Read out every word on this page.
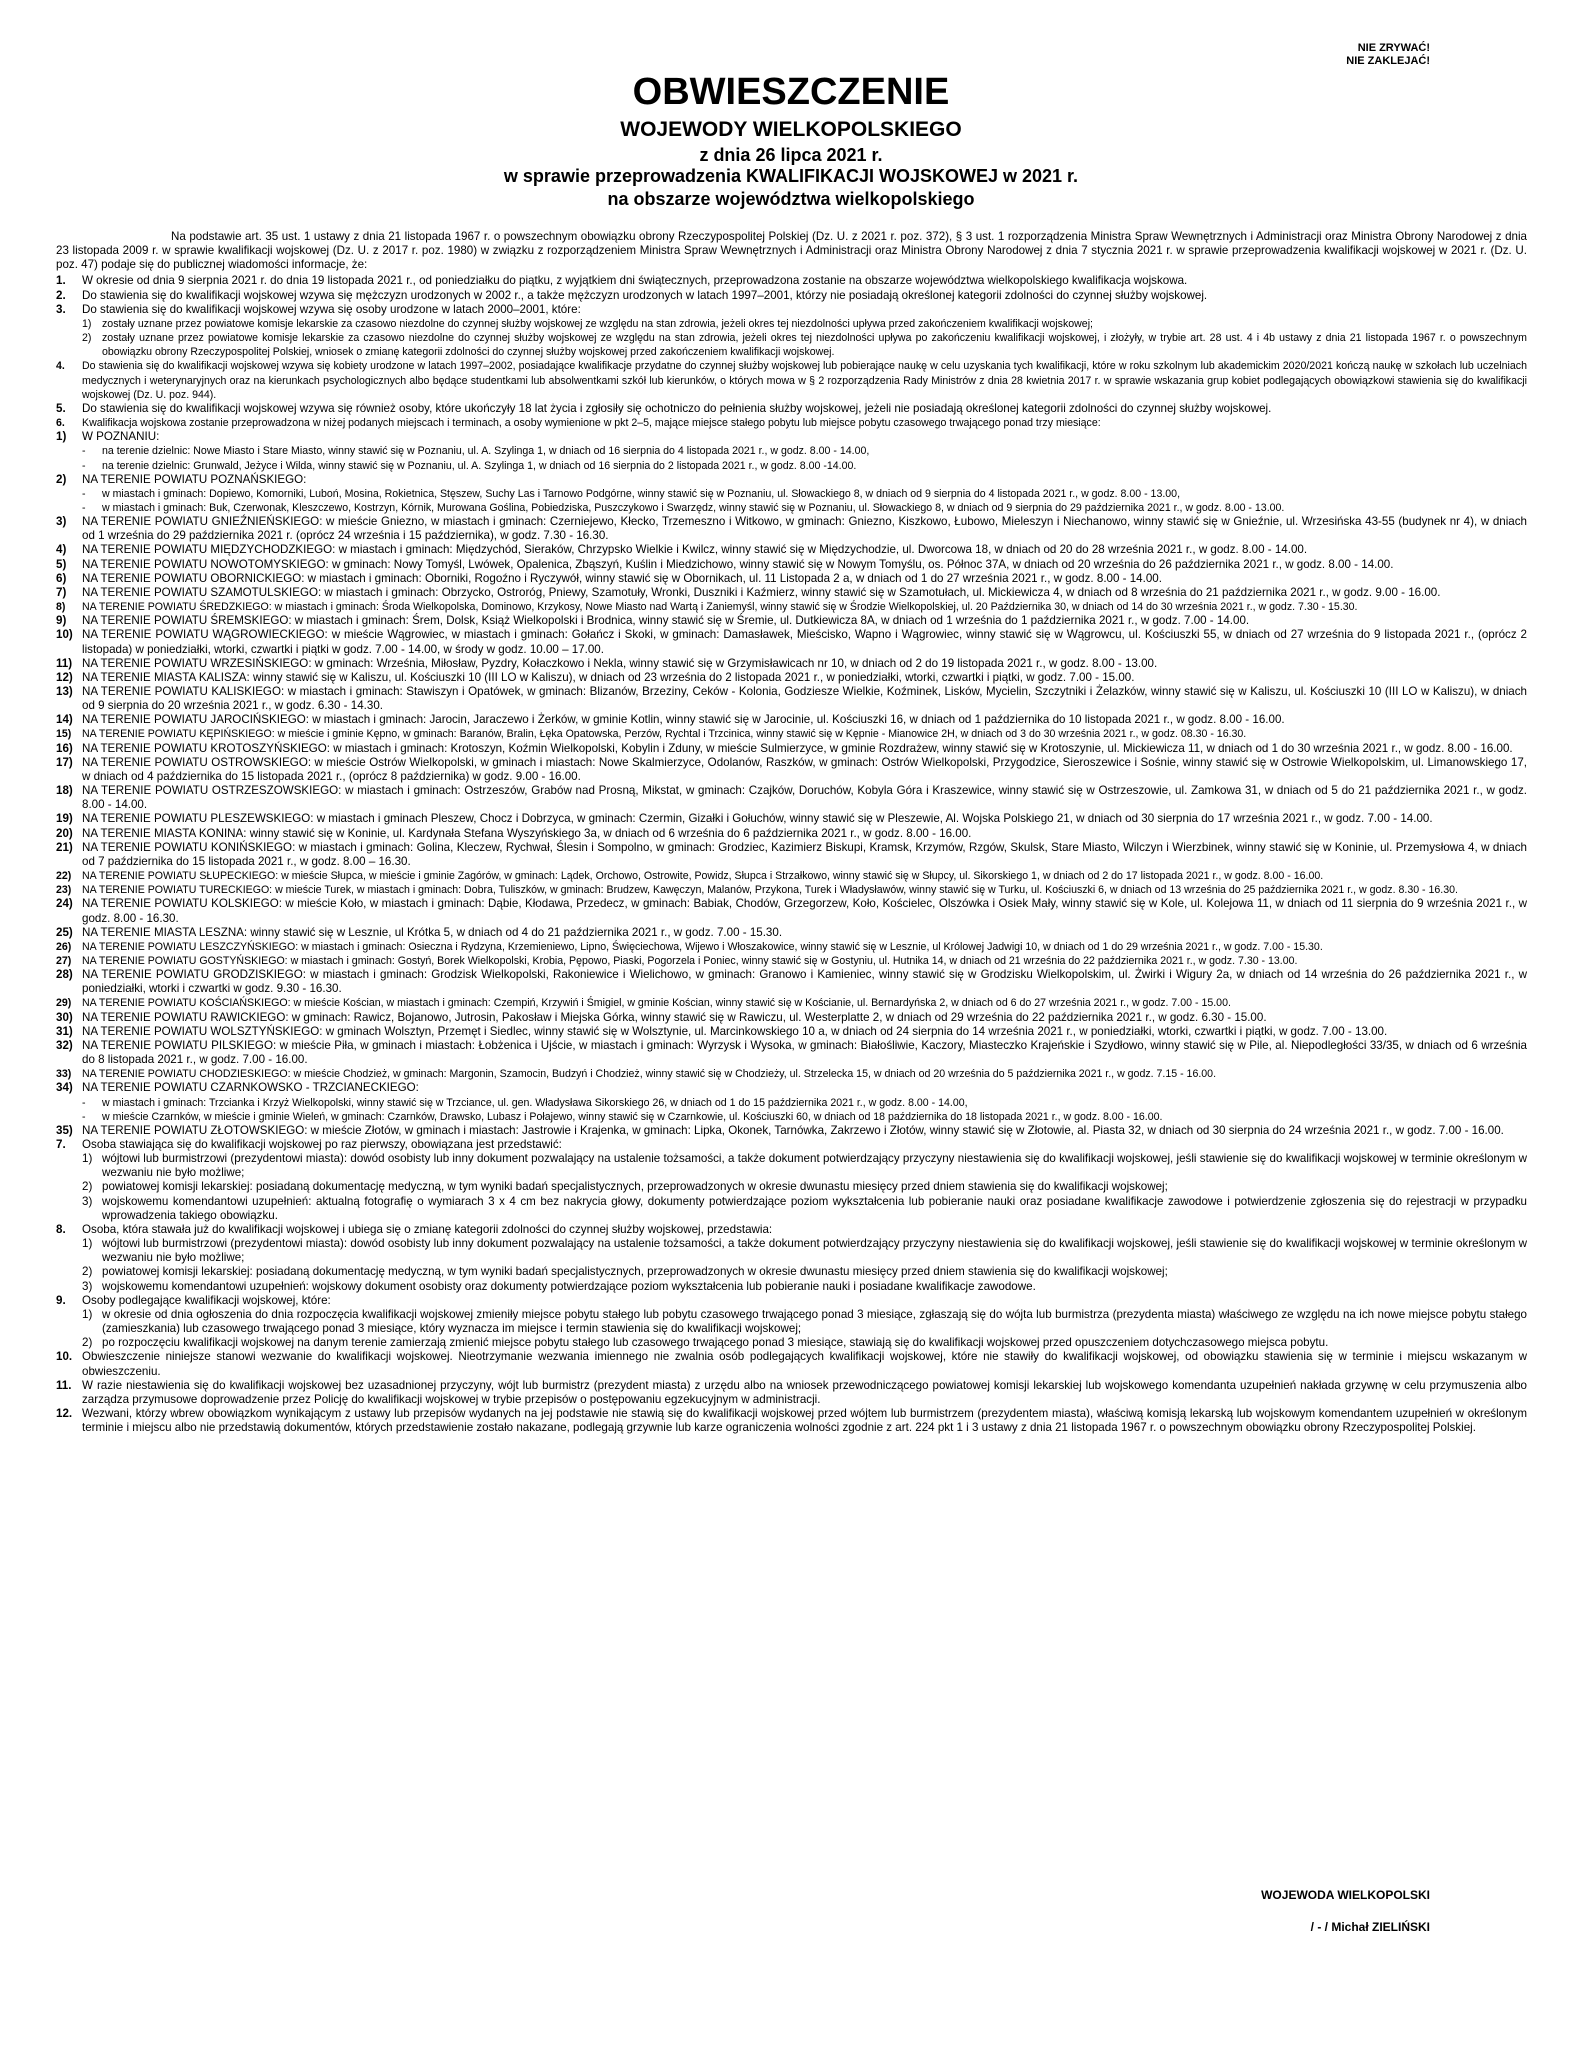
NIE ZRYWAĆ!
NIE ZAKLEJAĆ!
OBWIESZCZENIE
WOJEWODY WIELKOPOLSKIEGO
z dnia 26 lipca 2021 r.
w sprawie przeprowadzenia KWALIFIKACJI WOJSKOWEJ w 2021 r.
na obszarze województwa wielkopolskiego

Na podstawie art. 35 ust. 1 ustawy z dnia 21 listopada 1967 r. o powszechnym obowiązku obrony Rzeczypospolitej Polskiej (Dz. U. z 2021 r. poz. 372), § 3 ust. 1 rozporządzenia Ministra Spraw Wewnętrznych i Administracji oraz Ministra Obrony Narodowej z dnia 23 listopada 2009 r. w sprawie kwalifikacji wojskowej (Dz. U. z 2017 r. poz. 1980) w związku z rozporządzeniem Ministra Spraw Wewnętrznych i Administracji oraz Ministra Obrony Narodowej z dnia 7 stycznia 2021 r. w sprawie przeprowadzenia kwalifikacji wojskowej w 2021 r. (Dz. U. poz. 47) podaje się do publicznej wiadomości informacje, że:

1.	W okresie od dnia 9 sierpnia 2021 r. do dnia 19 listopada 2021 r., od poniedziałku do piątku, z wyjątkiem dni świątecznych, przeprowadzona zostanie na obszarze województwa wielkopolskiego kwalifikacja wojskowa.
2.	Do stawienia się do kwalifikacji wojskowej wzywa się mężczyzn urodzonych w 2002 r., a także mężczyzn urodzonych w latach 1997–2001, którzy nie posiadają określonej kategorii zdolności do czynnej służby wojskowej.
3.	Do stawienia się do kwalifikacji wojskowej wzywa się osoby urodzone w latach 2000–2001, które:
1) zostały uznane przez powiatowe komisje lekarskie za czasowo niezdolne do czynnej służby wojskowej ze względu na stan zdrowia, jeżeli okres tej niezdolności upływa przed zakończeniem kwalifikacji wojskowej;
2) zostały uznane przez powiatowe komisje lekarskie za czasowo niezdolne do czynnej służby wojskowej ze względu na stan zdrowia, jeżeli okres tej niezdolności upływa po zakończeniu kwalifikacji wojskowej, i złożyły, w trybie art. 28 ust. 4 i 4b ustawy z dnia 21 listopada 1967 r. o powszechnym obowiązku obrony Rzeczypospolitej Polskiej, wniosek o zmianę kategorii zdolności do czynnej służby wojskowej przed zakończeniem kwalifikacji wojskowej.
4.	Do stawienia się do kwalifikacji wojskowej wzywa się kobiety urodzone w latach 1997–2002, posiadające kwalifikacje przydatne do czynnej służby wojskowej lub pobierające naukę w celu uzyskania tych kwalifikacji, które w roku szkolnym lub akademickim 2020/2021 kończą naukę w szkołach lub uczelniach medycznych i weterynaryjnych oraz na kierunkach psychologicznych albo będące studentkami lub absolwentkami szkół lub kierunków, o których mowa w § 2 rozporządzenia Rady Ministrów z dnia 28 kwietnia 2017 r. w sprawie wskazania grup kobiet podlegających obowiązkowi stawienia się do kwalifikacji wojskowej (Dz. U. poz. 944).
5.	Do stawienia się do kwalifikacji wojskowej wzywa się również osoby, które ukończyły 18 lat życia i zgłosiły się ochotniczo do pełnienia służby wojskowej, jeżeli nie posiadają określonej kategorii zdolności do czynnej służby wojskowej.
6.	Kwalifikacja wojskowa zostanie przeprowadzona w niżej podanych miejscach i terminach, a osoby wymienione w pkt 2–5, mające miejsce stałego pobytu lub miejsce pobytu czasowego trwającego ponad trzy miesiące:
1)	W POZNANIU:
-	na terenie dzielnic: Nowe Miasto i Stare Miasto, winny stawić się w Poznaniu, ul. A. Szylinga 1, w dniach od 16 sierpnia do 4 listopada 2021 r., w godz. 8.00 - 14.00,
-	na terenie dzielnic: Grunwald, Jeżyce i Wilda, winny stawić się w Poznaniu, ul. A. Szylinga 1, w dniach od 16 sierpnia do 2 listopada 2021 r., w godz. 8.00 -14.00.
2)	NA TERENIE POWIATU POZNAŃSKIEGO:
-	w miastach i gminach: Dopiewo, Komorniki, Luboń, Mosina, Rokietnica, Stęszew, Suchy Las i Tarnowo Podgórne, winny stawić się w Poznaniu, ul. Słowackiego 8, w dniach od 9 sierpnia do 4 listopada 2021 r., w godz. 8.00 - 13.00,
-	w miastach i gminach: Buk, Czerwonak, Kleszczewo, Kostrzyn, Kórnik, Murowana Goślina, Pobiedziska, Puszczykowo i Swarzędz, winny stawić się w Poznaniu, ul. Słowackiego 8, w dniach od 9 sierpnia do 29 października 2021 r., w godz. 8.00 - 13.00.
3)	NA TERENIE POWIATU GNIEŹNIEŃSKIEGO: w mieście Gniezno, w miastach i gminach: Czerniejewo, Kłecko, Trzemeszno i Witkowo, w gminach: Gniezno, Kiszkowo, Łubowo, Mieleszyn i Niechanowo, winny stawić się w Gnieźnie, ul. Wrzesińska 43-55 (budynek nr 4), w dniach od 1 września do 29 października 2021 r. (oprócz 24 września i 15 października), w godz. 7.30 - 16.30.
4)	NA TERENIE POWIATU MIĘDZYCHODZKIEGO: w miastach i gminach: Międzychód, Sieraków, Chrzypsko Wielkie i Kwilcz, winny stawić się w Międzychodzie, ul. Dworcowa 18, w dniach od 20 do 28 września 2021 r., w godz. 8.00 - 14.00.
5)	NA TERENIE POWIATU NOWOTOMYSKIEGO: w gminach: Nowy Tomyśl, Lwówek, Opalenica, Zbąszyń, Kuślin i Miedzichowo, winny stawić się w Nowym Tomyślu, os. Północ 37A, w dniach od 20 września do 26 października 2021 r., w godz. 8.00 - 14.00.
6)	NA TERENIE POWIATU OBORNICKIEGO: w miastach i gminach: Oborniki, Rogoźno i Ryczywół, winny stawić się w Obornikach, ul. 11 Listopada 2 a, w dniach od 1 do 27 września 2021 r., w godz. 8.00 - 14.00.
7)	NA TERENIE POWIATU SZAMOTULSKIEGO: w miastach i gminach: Obrzycko, Ostroróg, Pniewy, Szamotuły, Wronki, Duszniki i Kaźmierz, winny stawić się w Szamotułach, ul. Mickiewicza 4, w dniach od 8 września do 21 października 2021 r., w godz. 9.00 - 16.00.
8)	NA TERENIE POWIATU ŚREDZKIEGO: w miastach i gminach: Środa Wielkopolska, Dominowo, Krzykosy, Nowe Miasto nad Wartą i Zaniemyśl, winny stawić się w Środzie Wielkopolskiej, ul. 20 Października 30, w dniach od 14 do 30 września 2021 r., w godz. 7.30 - 15.30.
9)	NA TERENIE POWIATU ŚREMSKIEGO: w miastach i gminach: Śrem, Dolsk, Książ Wielkopolski i Brodnica, winny stawić się w Śremie, ul. Dutkiewicza 8A, w dniach od 1 września do 1 października 2021 r., w godz. 7.00 - 14.00.
10) NA TERENIE POWIATU WĄGROWIECKIEGO: w mieście Wągrowiec, w miastach i gminach: Gołańcz i Skoki, w gminach: Damasławek, Mieścisko, Wapno i Wągrowiec, winny stawić się w Wągrowcu, ul. Kościuszki 55, w dniach od 27 września do 9 listopada 2021 r., (oprócz 2 listopada) w poniedziałki, wtorki, czwartki i piątki w godz. 7.00 - 14.00, w środy w godz. 10.00 – 17.00.
11) NA TERENIE POWIATU WRZESIŃSKIEGO: w gminach: Września, Miłosław, Pyzdry, Kołaczkowo i Nekla, winny stawić się w Grzymisławicach nr 10, w dniach od 2 do 19 listopada 2021 r., w godz. 8.00 - 13.00.
12) NA TERENIE MIASTA KALISZA: winny stawić się w Kaliszu, ul. Kościuszki 10 (III LO w Kaliszu), w dniach od 23 września do 2 listopada 2021 r., w poniedziałki, wtorki, czwartki i piątki, w godz. 7.00 - 15.00.
13) NA TERENIE POWIATU KALISKIEGO: w miastach i gminach: Stawiszyn i Opatówek, w gminach: Blizanów, Brzeziny, Ceków - Kolonia, Godziesze Wielkie, Koźminek, Lisków, Mycielin, Szczytniki i Żelazków, winny stawić się w Kaliszu, ul. Kościuszki 10 (III LO w Kaliszu), w dniach od 9 sierpnia do 20 września 2021 r., w godz. 6.30 - 14.30.
14) NA TERENIE POWIATU JAROCIŃSKIEGO: w miastach i gminach: Jarocin, Jaraczewo i Żerków, w gminie Kotlin, winny stawić się w Jarocinie, ul. Kościuszki 16, w dniach od 1 października do 10 listopada 2021 r., w godz. 8.00 - 16.00.
15)	NA TERENIE POWIATU KĘPIŃSKIEGO: w mieście i gminie Kępno, w gminach: Baranów, Bralin, Łęka Opatowska, Perzów, Rychtal i Trzcinica, winny stawić się w Kępnie - Mianowice 2H, w dniach od 3 do 30 września 2021 r., w godz. 08.30 - 16.30.
16) NA TERENIE POWIATU KROTOSZYŃSKIEGO: w miastach i gminach: Krotoszyn, Koźmin Wielkopolski, Kobylin i Zduny, w mieście Sulmierzyce, w gminie Rozdrażew, winny stawić się w Krotoszynie, ul. Mickiewicza 11, w dniach od 1 do 30 września 2021 r., w godz. 8.00 - 16.00.
17) NA TERENIE POWIATU OSTROWSKIEGO: w mieście Ostrów Wielkopolski, w gminach i miastach: Nowe Skalmierzyce, Odolanów, Raszków, w gminach: Ostrów Wielkopolski, Przygodzice, Sieroszewice i Sośnie, winny stawić się w Ostrowie Wielkopolskim, ul. Limanowskiego 17, w dniach od 4 października do 15 listopada 2021 r., (oprócz 8 października) w godz. 9.00 - 16.00.
18) NA TERENIE POWIATU OSTRZESZOWSKIEGO: w miastach i gminach: Ostrzeszów, Grabów nad Prosną, Mikstat, w gminach: Czajków, Doruchów, Kobyla Góra i Kraszewice, winny stawić się w Ostrzeszowie, ul. Zamkowa 31, w dniach od 5 do 21 października 2021 r., w godz. 8.00 - 14.00.
19) NA TERENIE POWIATU PLESZEWSKIEGO: w miastach i gminach Pleszew, Chocz i Dobrzyca, w gminach: Czermin, Gizałki i Gołuchów, winny stawić się w Pleszewie, Al. Wojska Polskiego 21, w dniach od 30 sierpnia do 17 września 2021 r., w godz. 7.00 - 14.00.
20) NA TERENIE MIASTA KONINA: winny stawić się w Koninie, ul. Kardynała Stefana Wyszyńskiego 3a, w dniach od 6 września do 6 października 2021 r., w godz. 8.00 - 16.00.
21) NA TERENIE POWIATU KONIŃSKIEGO: w miastach i gminach: Golina, Kleczew, Rychwał, Ślesin i Sompolno, w gminach: Grodziec, Kazimierz Biskupi, Kramsk, Krzymów, Rzgów, Skulsk, Stare Miasto, Wilczyn i Wierzbinek, winny stawić się w Koninie, ul. Przemysłowa 4, w dniach od 7 października do 15 listopada 2021 r., w godz. 8.00 – 16.30.
22)	NA TERENIE POWIATU SŁUPECKIEGO: w mieście Słupca, w mieście i gminie Zagórów, w gminach: Lądek, Orchowo, Ostrowite, Powidz, Słupca i Strzałkowo, winny stawić się w Słupcy, ul. Sikorskiego 1, w dniach od 2 do 17 listopada 2021 r., w godz. 8.00 - 16.00.
23)	NA TERENIE POWIATU TURECKIEGO: w mieście Turek, w miastach i gminach: Dobra, Tuliszków, w gminach: Brudzew, Kawęczyn, Malanów, Przykona, Turek i Władysławów, winny stawić się w Turku, ul. Kościuszki 6, w dniach od 13 września do 25 października 2021 r., w godz. 8.30 - 16.30.
24) NA TERENIE POWIATU KOLSKIEGO: w mieście Koło, w miastach i gminach: Dąbie, Kłodawa, Przedecz, w gminach: Babiak, Chodów, Grzegorzew, Koło, Kościelec, Olszówka i Osiek Mały, winny stawić się w Kole, ul. Kolejowa 11, w dniach od 11 sierpnia do 9 września 2021 r., w godz. 8.00 - 16.30.
25) NA TERENIE MIASTA LESZNA: winny stawić się w Lesznie, ul Krótka 5, w dniach od 4 do 21 października 2021 r., w godz. 7.00 - 15.30.
26)	NA TERENIE POWIATU LESZCZYŃSKIEGO: w miastach i gminach: Osieczna i Rydzyna, Krzemieniewo, Lipno, Święciechowa, Wijewo i Włoszakowice, winny stawić się w Lesznie, ul Królowej Jadwigi 10, w dniach od 1 do 29 września 2021 r., w godz. 7.00 - 15.30.
27)	NA TERENIE POWIATU GOSTYŃSKIEGO: w miastach i gminach: Gostyń, Borek Wielkopolski, Krobia, Pępowo, Piaski, Pogorzela i Poniec, winny stawić się w Gostyniu, ul. Hutnika 14, w dniach od 21 września do 22 października 2021 r., w godz. 7.30 - 13.00.
28) NA TERENIE POWIATU GRODZISKIEGO: w miastach i gminach: Grodzisk Wielkopolski, Rakoniewice i Wielichowo, w gminach: Granowo i Kamieniec, winny stawić się w Grodzisku Wielkopolskim, ul. Żwirki i Wigury 2a, w dniach od 14 września do 26 października 2021 r., w poniedziałki, wtorki i czwartki w godz. 9.30 - 16.30.
29)	NA TERENIE POWIATU KOŚCIAŃSKIEGO: w mieście Kościan, w miastach i gminach: Czempiń, Krzywiń i Śmigiel, w gminie Kościan, winny stawić się w Kościanie, ul. Bernardyńska 2, w dniach od 6 do 27 września 2021 r., w godz. 7.00 - 15.00.
30) NA TERENIE POWIATU RAWICKIEGO: w gminach: Rawicz, Bojanowo, Jutrosin, Pakosław i Miejska Górka, winny stawić się w Rawiczu, ul. Westerplatte 2, w dniach od 29 września do 22 października 2021 r., w godz. 6.30 - 15.00.
31) NA TERENIE POWIATU WOLSZTYŃSKIEGO: w gminach Wolsztyn, Przemęt i Siedlec, winny stawić się w Wolsztynie, ul. Marcinkowskiego 10 a, w dniach od 24 sierpnia do 14 września 2021 r., w poniedziałki, wtorki, czwartki i piątki, w godz. 7.00 - 13.00.
32) NA TERENIE POWIATU PILSKIEGO: w mieście Piła, w gminach i miastach: Łobżenica i Ujście, w miastach i gminach: Wyrzysk i Wysoka, w gminach: Białośliwie, Kaczory, Miasteczko Krajeńskie i Szydłowo, winny stawić się w Pile, al. Niepodległości 33/35, w dniach od 6 września do 8 listopada 2021 r., w godz. 7.00 - 16.00.
33)	NA TERENIE POWIATU CHODZIESKIEGO: w mieście Chodzież, w gminach: Margonin, Szamocin, Budzyń i Chodzież, winny stawić się w Chodzieży, ul. Strzelecka 15, w dniach od 20 września do 5 października 2021 r., w godz. 7.15 - 16.00.
34) NA TERENIE POWIATU CZARNKOWSKO - TRZCIANECKIEGO:
-	w miastach i gminach: Trzcianka i Krzyż Wielkopolski, winny stawić się w Trzciance, ul. gen. Władysława Sikorskiego 26, w dniach od 1 do 15 października 2021 r., w godz. 8.00 - 14.00,
-	w mieście Czarnków, w mieście i gminie Wieleń, w gminach: Czarnków, Drawsko, Lubasz i Połajewo, winny stawić się w Czarnkowie, ul. Kościuszki 60, w dniach od 18 października do 18 listopada 2021 r., w godz. 8.00 - 16.00.
35) NA TERENIE POWIATU ZŁOTOWSKIEGO: w mieście Złotów, w gminach i miastach: Jastrowie i Krajenka, w gminach: Lipka, Okonek, Tarnówka, Zakrzewo i Złotów, winny stawić się w Złotowie, al. Piasta 32, w dniach od 30 sierpnia do 24 września 2021 r., w godz. 7.00 - 16.00.
7.	Osoba stawiająca się do kwalifikacji wojskowej po raz pierwszy, obowiązana jest przedstawić:
1) wójtowi lub burmistrzowi (prezydentowi miasta): dowód osobisty lub inny dokument pozwalający na ustalenie tożsamości, a także dokument potwierdzający przyczyny niestawienia się do kwalifikacji wojskowej, jeśli stawienie się do kwalifikacji wojskowej w terminie określonym w wezwaniu nie było możliwe;
2) powiatowej komisji lekarskiej: posiadaną dokumentację medyczną, w tym wyniki badań specjalistycznych, przeprowadzonych w okresie dwunastu miesięcy przed dniem stawienia się do kwalifikacji wojskowej;
3) wojskowemu komendantowi uzupełnień: aktualną fotografię o wymiarach 3 x 4 cm bez nakrycia głowy, dokumenty potwierdzające poziom wykształcenia lub pobieranie nauki oraz posiadane kwalifikacje zawodowe i potwierdzenie zgłoszenia się do rejestracji w przypadku wprowadzenia takiego obowiązku.
8.	Osoba, która stawała już do kwalifikacji wojskowej i ubiega się o zmianę kategorii zdolności do czynnej służby wojskowej, przedstawia:
1) wójtowi lub burmistrzowi (prezydentowi miasta): dowód osobisty lub inny dokument pozwalający na ustalenie tożsamości, a także dokument potwierdzający przyczyny niestawienia się do kwalifikacji wojskowej, jeśli stawienie się do kwalifikacji wojskowej w terminie określonym w wezwaniu nie było możliwe;
2) powiatowej komisji lekarskiej: posiadaną dokumentację medyczną, w tym wyniki badań specjalistycznych, przeprowadzonych w okresie dwunastu miesięcy przed dniem stawienia się do kwalifikacji wojskowej;
3) wojskowemu komendantowi uzupełnień: wojskowy dokument osobisty oraz dokumenty potwierdzające poziom wykształcenia lub pobieranie nauki i posiadane kwalifikacje zawodowe.
9.	Osoby podlegające kwalifikacji wojskowej, które:
1) w okresie od dnia ogłoszenia do dnia rozpoczęcia kwalifikacji wojskowej zmieniły miejsce pobytu stałego lub pobytu czasowego trwającego ponad 3 miesiące, zgłaszają się do wójta lub burmistrza (prezydenta miasta) właściwego ze względu na ich nowe miejsce pobytu stałego (zamieszkania) lub czasowego trwającego ponad 3 miesiące, który wyznacza im miejsce i termin stawienia się do kwalifikacji wojskowej;
2) po rozpoczęciu kwalifikacji wojskowej na danym terenie zamierzają zmienić miejsce pobytu stałego lub czasowego trwającego ponad 3 miesiące, stawiają się do kwalifikacji wojskowej przed opuszczeniem dotychczasowego miejsca pobytu.
10. Obwieszczenie niniejsze stanowi wezwanie do kwalifikacji wojskowej. Nieotrzymanie wezwania imiennego nie zwalnia osób podlegających kwalifikacji wojskowej, które nie stawiły do kwalifikacji wojskowej, od obowiązku stawienia się w terminie i miejscu wskazanym w obwieszczeniu.
11. W razie niestawienia się do kwalifikacji wojskowej bez uzasadnionej przyczyny, wójt lub burmistrz (prezydent miasta) z urzędu albo na wniosek przewodniczącego powiatowej komisji lekarskiej lub wojskowego komendanta uzupełnień nakłada grzywnę w celu przymuszenia albo zarządza przymusowe doprowadzenie przez Policję do kwalifikacji wojskowej w trybie przepisów o postępowaniu egzekucyjnym w administracji.
12. Wezwani, którzy wbrew obowiązkom wynikającym z ustawy lub przepisów wydanych na jej podstawie nie stawią się do kwalifikacji wojskowej przed wójtem lub burmistrzem (prezydentem miasta), właściwą komisją lekarską lub wojskowym komendantem uzupełnień w określonym terminie i miejscu albo nie przedstawią dokumentów, których przedstawienie zostało nakazane, podlegają grzywnie lub karze ograniczenia wolności zgodnie z art. 224 pkt 1 i 3 ustawy z dnia 21 listopada 1967 r. o powszechnym obowiązku obrony Rzeczypospolitej Polskiej.
WOJEWODA WIELKOPOLSKI
/ - / Michał ZIELIŃSKI
